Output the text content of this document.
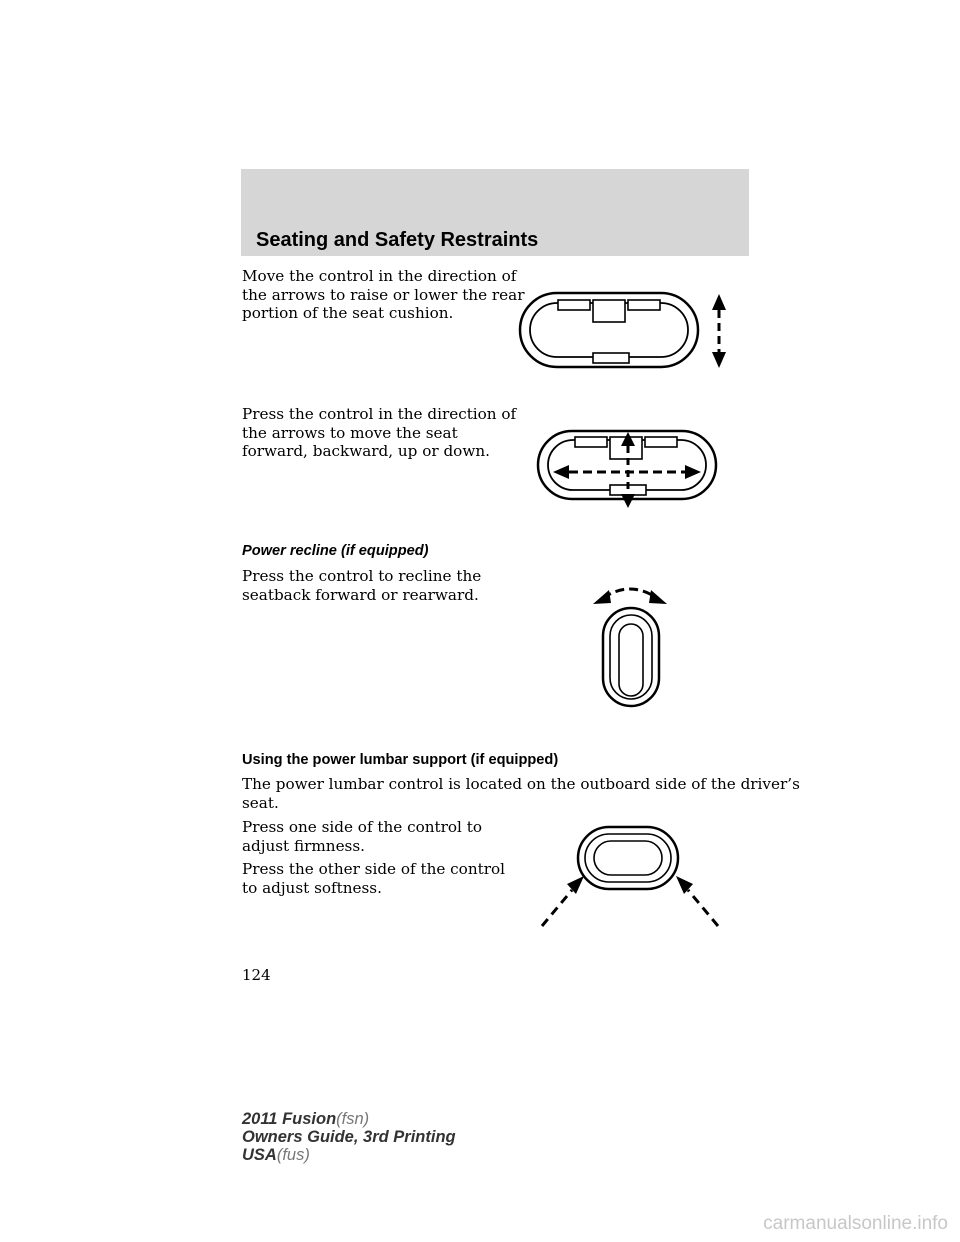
Seating and Safety Restraints
Move the control in the direction of
the arrows to raise or lower the rear
portion of the seat cushion.
Press the control in the direction of
the arrows to move the seat
forward, backward, up or down.
Power recline (if equipped)
Press the control to recline the
seatback forward or rearward.
Using the power lumbar support (if equipped)
The power lumbar control is located on the outboard side of the driver’s
seat.
Press one side of the control to
adjust firmness.
Press the other side of the control
to adjust softness.
124
2011 Fusion(fsn)
Owners Guide, 3rd Printing
USA(fus)
carmanualsonline.info
